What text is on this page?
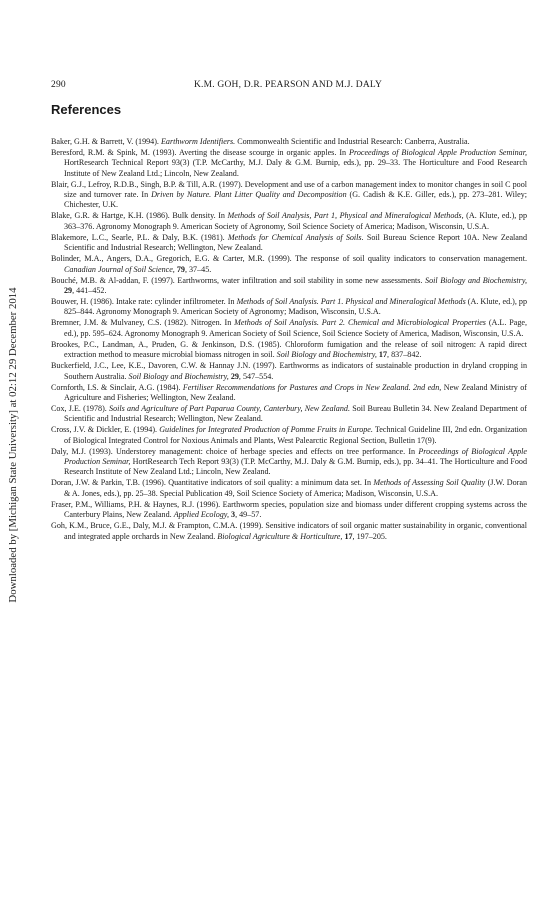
Downloaded by [Michigan State University] at 02:12 29 December 2014
290	K.M. GOH, D.R. PEARSON AND M.J. DALY
References

Baker, G.H. & Barrett, V. (1994). Earthworm Identifiers. Commonwealth Scientific and Industrial Research: Canberra, Australia.

Beresford, R.M. & Spink, M. (1993). Averting the disease scourge in organic apples. In Proceedings of Biological Apple Production Seminar, HortResearch Technical Report 93(3) (T.P. McCarthy, M.J. Daly & G.M. Burnip, eds.), pp. 29–33. The Horticulture and Food Research Institute of New Zealand Ltd.; Lincoln, New Zealand.

Blair, G.J., Lefroy, R.D.B., Singh, B.P. & Till, A.R. (1997). Development and use of a carbon management index to monitor changes in soil C pool size and turnover rate. In Driven by Nature. Plant Litter Quality and Decomposition (G. Cadish & K.E. Giller, eds.), pp. 273–281. Wiley; Chichester, U.K.

Blake, G.R. & Hartge, K.H. (1986). Bulk density. In Methods of Soil Analysis, Part 1, Physical and Mineralogical Methods, (A. Klute, ed.), pp 363–376. Agronomy Monograph 9. American Society of Agronomy, Soil Science Society of America; Madison, Wisconsin, U.S.A.

Blakemore, L.C., Searle, P.L. & Daly, B.K. (1981). Methods for Chemical Analysis of Soils. Soil Bureau Science Report 10A. New Zealand Scientific and Industrial Research; Wellington, New Zealand.

Bolinder, M.A., Angers, D.A., Gregorich, E.G. & Carter, M.R. (1999). The response of soil quality indicators to conservation management. Canadian Journal of Soil Science, 79, 37–45.

Bouché, M.B. & Al-addan, F. (1997). Earthworms, water infiltration and soil stability in some new assessments. Soil Biology and Biochemistry, 29, 441–452.

Bouwer, H. (1986). Intake rate: cylinder infiltrometer. In Methods of Soil Analysis. Part 1. Physical and Mineralogical Methods (A. Klute, ed.), pp 825–844. Agronomy Monograph 9. American Society of Agronomy; Madison, Wisconsin, U.S.A.

Bremner, J.M. & Mulvaney, C.S. (1982). Nitrogen. In Methods of Soil Analysis. Part 2. Chemical and Microbiological Properties (A.L. Page, ed.), pp. 595–624. Agronomy Monograph 9. American Society of Soil Science, Soil Science Society of America, Madison, Wisconsin, U.S.A.

Brookes, P.C., Landman, A., Pruden, G. & Jenkinson, D.S. (1985). Chloroform fumigation and the release of soil nitrogen: A rapid direct extraction method to measure microbial biomass nitrogen in soil. Soil Biology and Biochemistry, 17, 837–842.

Buckerfield, J.C., Lee, K.E., Davoren, C.W. & Hannay J.N. (1997). Earthworms as indicators of sustainable production in dryland cropping in Southern Australia. Soil Biology and Biochemistry, 29, 547–554.

Cornforth, I.S. & Sinclair, A.G. (1984). Fertiliser Recommendations for Pastures and Crops in New Zealand. 2nd edn, New Zealand Ministry of Agriculture and Fisheries; Wellington, New Zealand.

Cox, J.E. (1978). Soils and Agriculture of Part Paparua County, Canterbury, New Zealand. Soil Bureau Bulletin 34. New Zealand Department of Scientific and Industrial Research; Wellington, New Zealand.

Cross, J.V. & Dickler, E. (1994). Guidelines for Integrated Production of Pomme Fruits in Europe. Technical Guideline III, 2nd edn. Organization of Biological Integrated Control for Noxious Animals and Plants, West Palearctic Regional Section, Bulletin 17(9).

Daly, M.J. (1993). Understorey management: choice of herbage species and effects on tree performance. In Proceedings of Biological Apple Production Seminar, HortResearch Tech Report 93(3) (T.P. McCarthy, M.J. Daly & G.M. Burnip, eds.), pp. 34–41. The Horticulture and Food Research Institute of New Zealand Ltd.; Lincoln, New Zealand.

Doran, J.W. & Parkin, T.B. (1996). Quantitative indicators of soil quality: a minimum data set. In Methods of Assessing Soil Quality (J.W. Doran & A. Jones, eds.), pp. 25–38. Special Publication 49, Soil Science Society of America; Madison, Wisconsin, U.S.A.

Fraser, P.M., Williams, P.H. & Haynes, R.J. (1996). Earthworm species, population size and biomass under different cropping systems across the Canterbury Plains, New Zealand. Applied Ecology, 3, 49–57.

Goh, K.M., Bruce, G.E., Daly, M.J. & Frampton, C.M.A. (1999). Sensitive indicators of soil organic matter sustainability in organic, conventional and integrated apple orchards in New Zealand. Biological Agriculture & Horticulture, 17, 197–205.
